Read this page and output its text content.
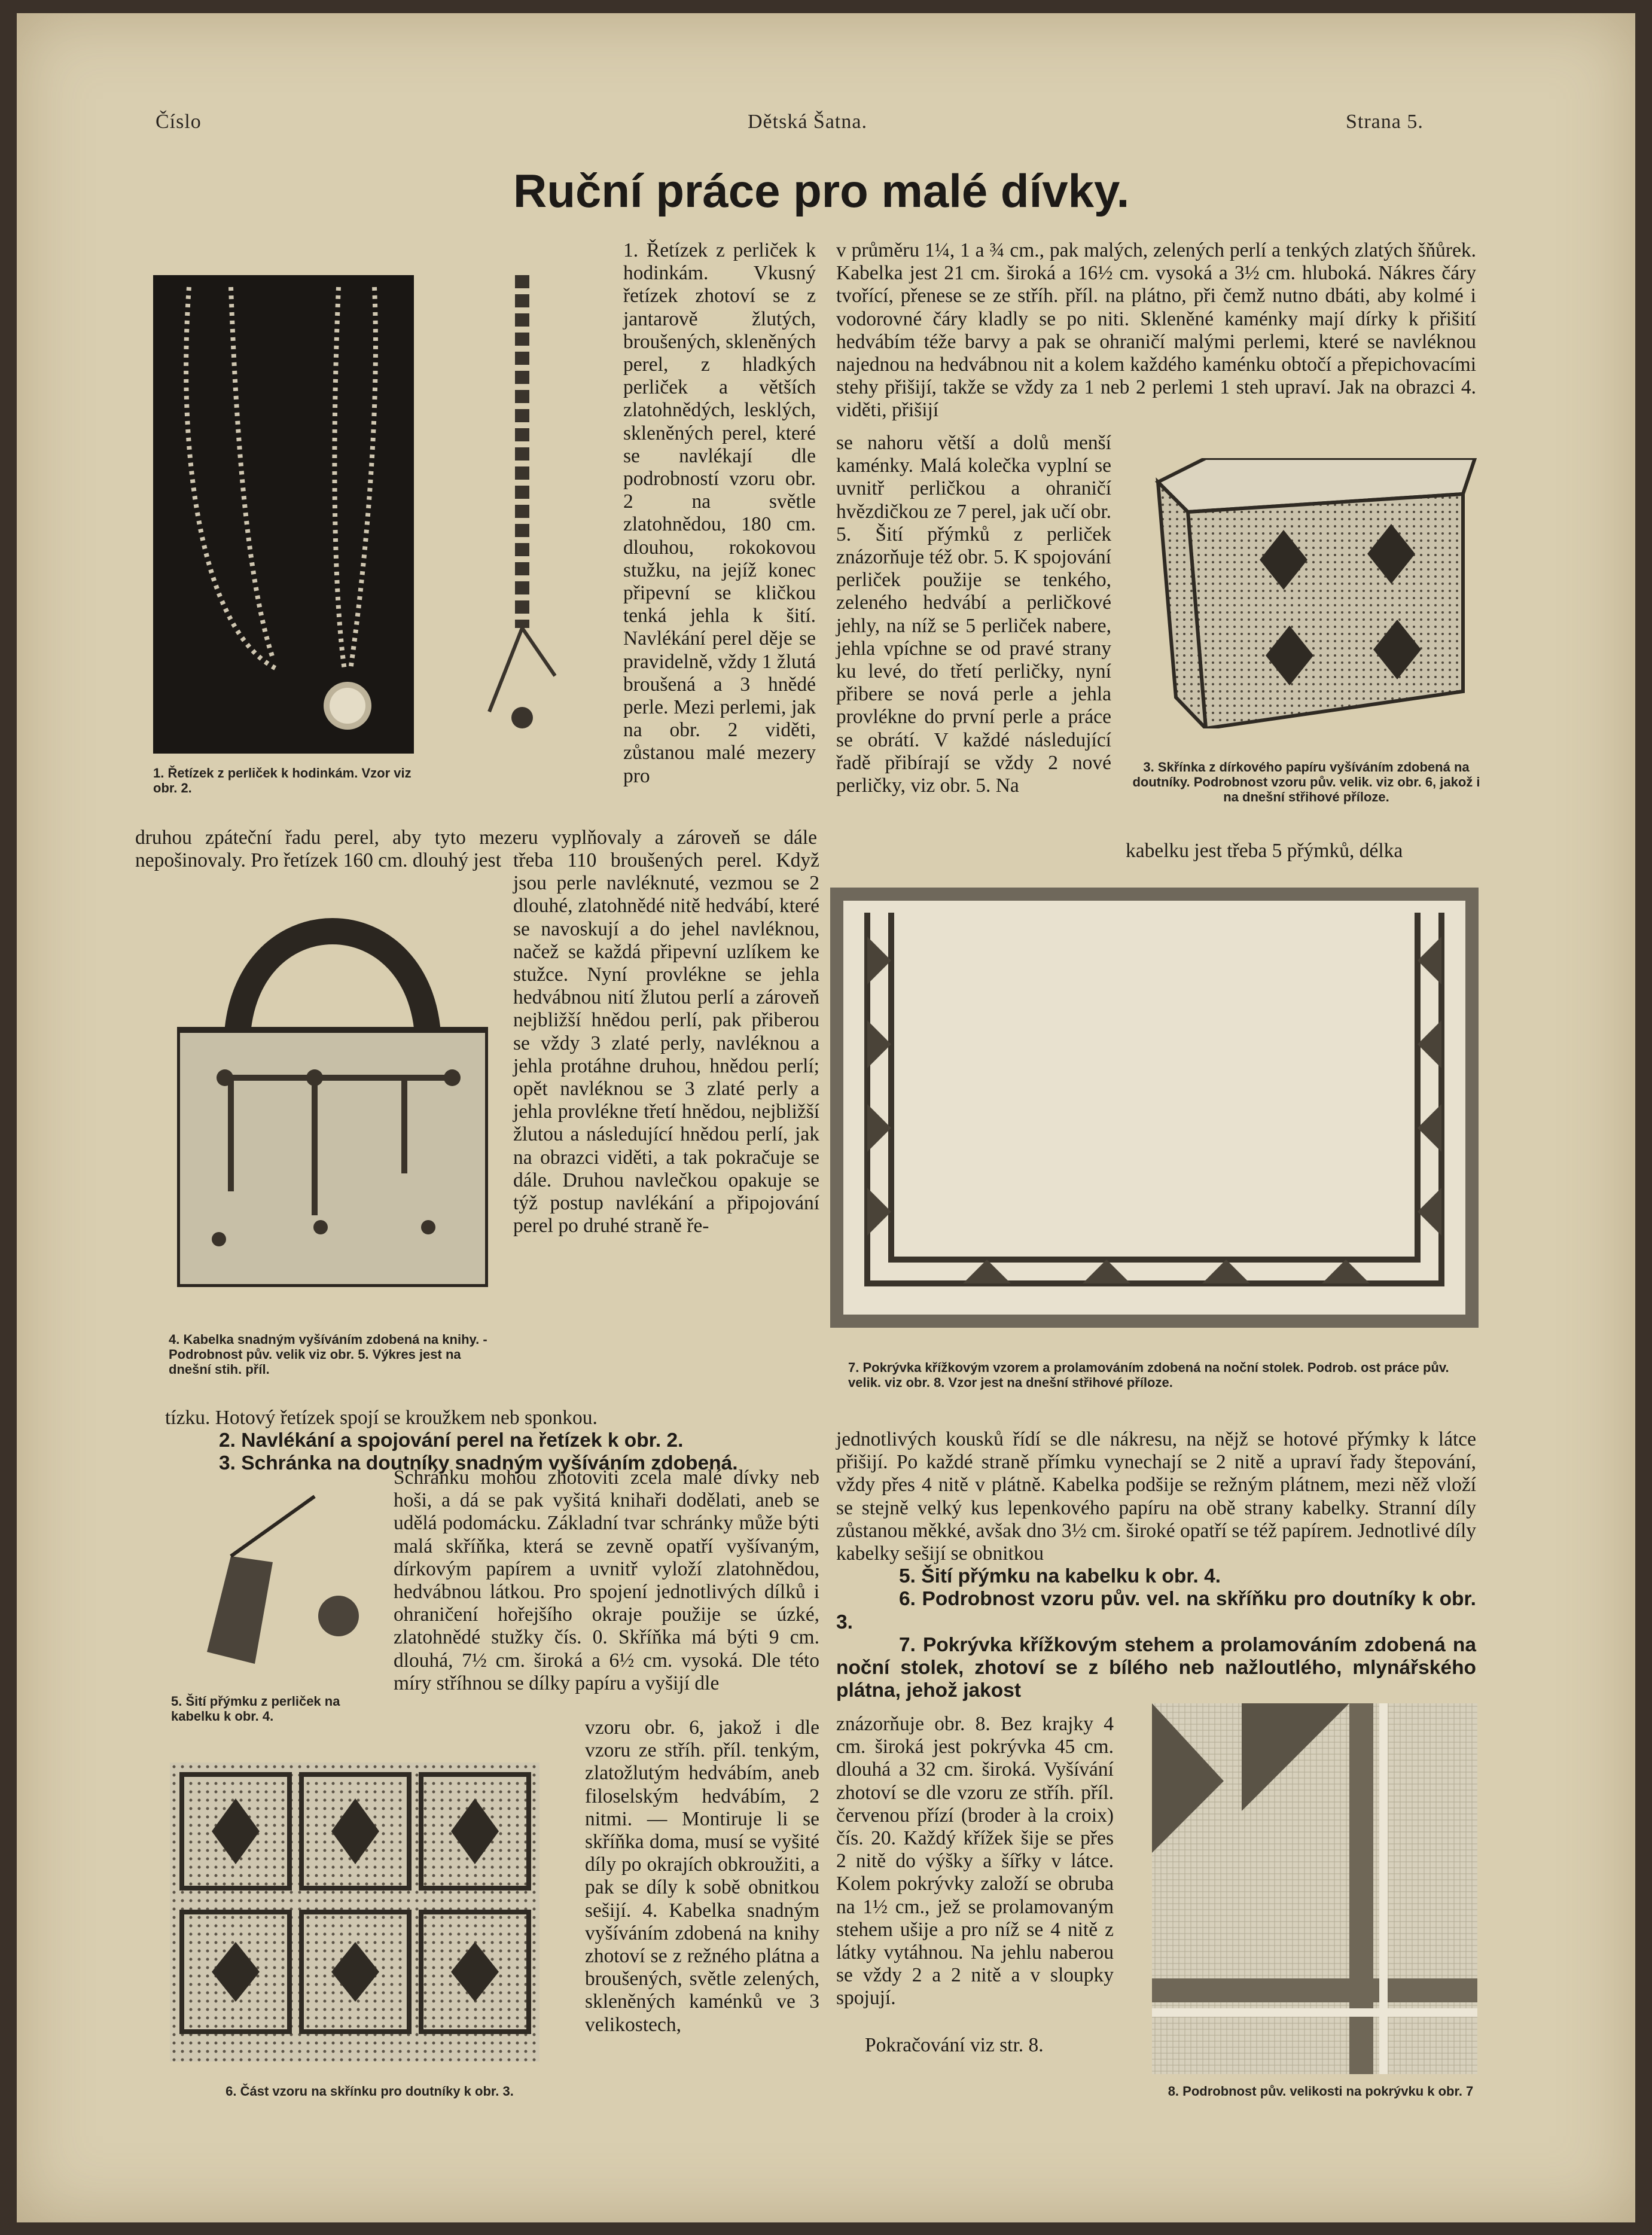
Číslo	Dětská Šatna.	Strana 5.
Ruční práce pro malé dívky.
1. Řetízek z perliček k hodinkám. Vzor viz obr. 2.

1. Řetízek z perliček k hodinkám. Vkusný řetízek zhotoví se z jantarově žlutých, broušených, skleněných perel, z hladkých perliček a větších zlatohnědých, lesklých, skleněných perel, které se navlékají dle podrobností vzoru obr. 2 na světle zlatohnědou, 180 cm. dlouhou, rokokovou stužku, na jejíž konec připevní se kličkou tenká jehla k šití. Navlékání perel děje se pravidelně, vždy 1 žlutá broušená a 3 hnědé perle. Mezi perlemi, jak na obr. 2 viděti, zůstanou malé mezery pro

druhou zpáteční řadu perel, aby tyto mezeru vyplňovaly a zároveň se dále nepošinovaly. Pro řetízek 160 cm. dlouhý jest

4. Kabelka snadným vyšíváním zdobená na knihy. - Podrobnost pův. velik viz obr. 5. Výkres jest na dnešní stih. příl.

třeba 110 broušených perel. Když jsou perle navléknuté, vezmou se 2 dlouhé, zlatohnědé nitě hedvábí, které se navoskují a do jehel navléknou, načež se každá připevní uzlíkem ke stužce. Nyní provlékne se jehla hedvábnou nití žlutou perlí a zároveň nejbližší hnědou perlí, pak přiberou se vždy 3 zlaté perly, navléknou a jehla protáhne druhou, hnědou perlí; opět navléknou se 3 zlaté perly a jehla provlékne třetí hnědou, nejbližší žlutou a následující hnědou perlí, jak na obrazci viděti, a tak pokračuje se dále. Druhou navlečkou opakuje se týž postup navlékání a připojování perel po druhé straně ře-

tízku. Hotový řetízek spojí se kroužkem neb sponkou.

2. Navlékání a spojování perel na řetízek k obr. 2.

3. Schránka na doutníky snadným vyšíváním zdobená.

5. Šití přýmku z perliček na kabelku k obr. 4.

Schránku mohou zhotoviti zcela malé dívky neb hoši, a dá se pak vyšitá knihaři dodělati, aneb se udělá podomácku. Základní tvar schránky může býti malá skříňka, která se zevně opatří vyšívaným, dírkovým papírem a uvnitř vyloží zlatohnědou, hedvábnou látkou. Pro spojení jednotlivých dílků i ohraničení hořejšího okraje použije se úzké, zlatohnědé stužky čís. 0. Skříňka má býti 9 cm. dlouhá, 7½ cm. široká a 6½ cm. vysoká. Dle této míry stříhnou se dílky papíru a vyšijí dle

6. Část vzoru na skřínku pro doutníky k obr. 3.

vzoru obr. 6, jakož i dle vzoru ze stříh. příl. tenkým, zlatožlutým hedvábím, aneb filoselským hedvábím, 2 nitmi. — Montiruje li se skříňka doma, musí se vyšité díly po okrajích obkroužiti, a pak se díly k sobě obnitkou sešijí. 4. Kabelka snadným vyšíváním zdobená na knihy zhotoví se z režného plátna a broušených, světle zelených, skleněných kaménků ve 3 velikostech,

v průměru 1¼, 1 a ¾ cm., pak malých, zelených perlí a tenkých zlatých šňůrek. Kabelka jest 21 cm. široká a 16½ cm. vysoká a 3½ cm. hluboká. Nákres čáry tvořící, přenese se ze stříh. příl. na plátno, při čemž nutno dbáti, aby kolmé i vodorovné čáry kladly se po niti. Skleněné kaménky mají dírky k přišití hedvábím téže barvy a pak se ohraničí malými perlemi, které se navléknou najednou na hedvábnou nit a kolem každého kaménku obtočí a přepichovacími stehy přišijí, takže se vždy za 1 neb 2 perlemi 1 steh upraví. Jak na obrazci 4. viděti, přišijí

se nahoru větší a dolů menší kaménky. Malá kolečka vyplní se uvnitř perličkou a ohraničí hvězdičkou ze 7 perel, jak učí obr. 5. Šití přýmků z perliček znázorňuje též obr. 5. K spojování perliček použije se tenkého, zeleného hedvábí a perličkové jehly, na níž se 5 perliček nabere, jehla vpíchne se od pravé strany ku levé, do třetí perličky, nyní přibere se nová perle a jehla provlékne do první perle a práce se obrátí. V každé následující řadě přibírají se vždy 2 nové perličky, viz obr. 5. Na

kabelku jest třeba 5 přýmků, délka

3. Skřínka z dírkového papíru vyšíváním zdobená na doutníky. Podrobnost vzoru pův. velik. viz obr. 6, jakož i na dnešní střihové příloze.
7. Pokrývka křížkovým vzorem a prolamováním zdobená na noční stolek. Podrob. ost práce pův. velik. viz obr. 8. Vzor jest na dnešní střihové příloze.

jednotlivých kousků řídí se dle nákresu, na nějž se hotové přýmky k látce přišijí. Po každé straně přímku vynechají se 2 nitě a upraví řady štepování, vždy přes 4 nitě v plátně. Kabelka podšije se režným plátnem, mezi něž vloží se stejně velký kus lepenkového papíru na obě strany kabelky. Stranní díly zůstanou měkké, avšak dno 3½ cm. široké opatří se též papírem. Jednotlivé díly kabelky sešijí se obnitkou

5. Šití přýmku na kabelku k obr. 4.

6. Podrobnost vzoru pův. vel. na skříňku pro doutníky k obr. 3.

7. Pokrývka křížkovým stehem a prolamováním zdobená na noční stolek, zhotoví se z bílého neb nažloutlého, mlynářského plátna, jehož jakost

znázorňuje obr. 8. Bez krajky 4 cm. široká jest pokrývka 45 cm. dlouhá a 32 cm. široká. Vyšívání zhotoví se dle vzoru ze stříh. příl. červenou přízí (broder à la croix) čís. 20. Každý křížek šije se přes 2 nitě do výšky a šířky v látce. Kolem pokrývky založí se obruba na 1½ cm., jež se prolamovaným stehem ušije a pro níž se 4 nitě z látky vytáhnou. Na jehlu naberou se vždy 2 a 2 nitě a v sloupky spojují.

Pokračování viz str. 8.

8. Podrobnost pův. velikosti na pokrývku k obr. 7
